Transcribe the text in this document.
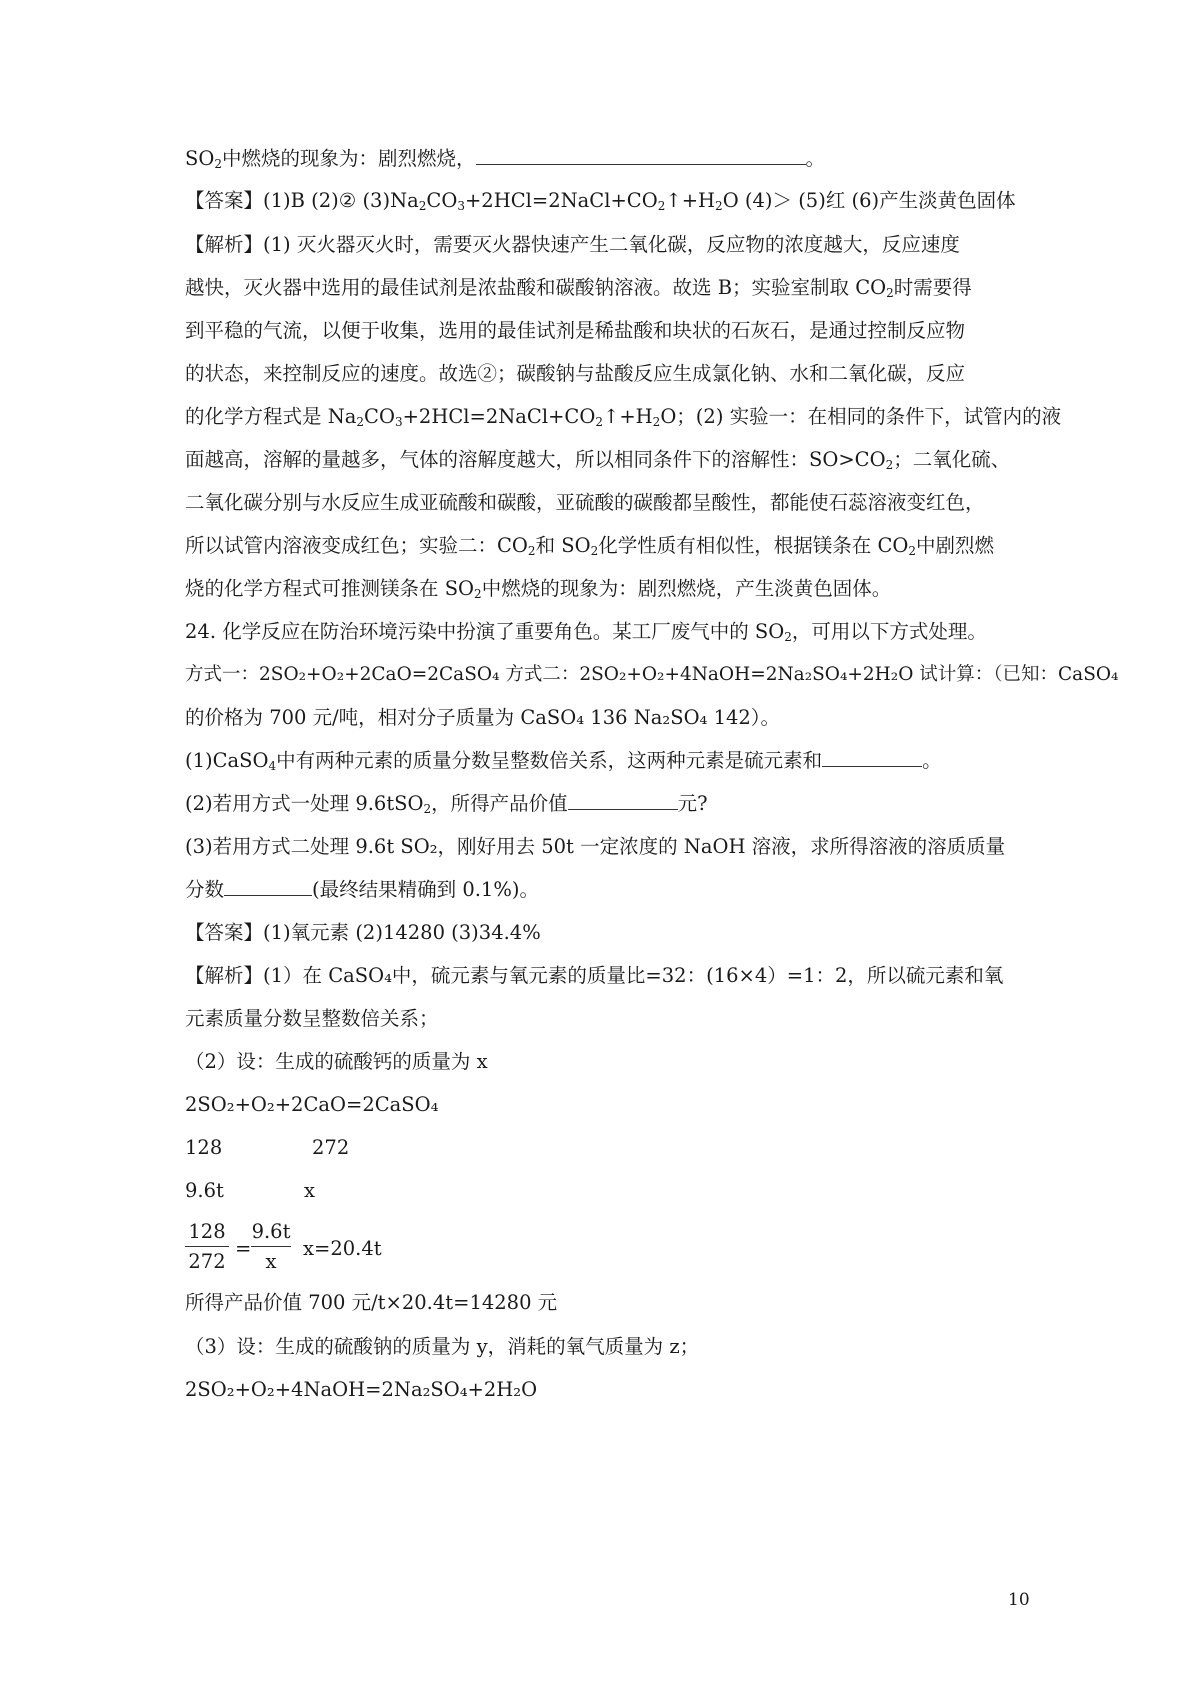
$SO_2$中燃烧的现象为：剧烈燃烧，	。
【答案】(1)B (2)② $(3)Na_2CO_3+2HCl=2NaCl+CO_2↑+H_2O$ (4)＞ (5)红 (6)产生淡黄色固体
【解析】(1) 灭火器灭火时，需要灭火器快速产生二氧化碳，反应物的浓度越大，反应速度
越快，灭火器中选用的最佳试剂是浓盐酸和碳酸钠溶液。故选 B；实验室制取 $CO_2$时需要得
到平稳的气流，以便于收集，选用的最佳试剂是稀盐酸和块状的石灰石，是通过控制反应物
的状态，来控制反应的速度。故选②；碳酸钠与盐酸反应生成氯化钠、水和二氧化碳，反应
的化学方程式是 $Na_2CO_3+2HCl=2NaCl+CO_2↑+H_2O$；(2) 实验一：在相同的条件下，试管内的液
面越高，溶解的量越多，气体的溶解度越大，所以相同条件下的溶解性：$SO>CO_2$；二氧化硫、
二氧化碳分别与水反应生成亚硫酸和碳酸，亚硫酸的碳酸都呈酸性，都能使石蕊溶液变红色，
所以试管内溶液变成红色；实验二：$CO_2$和 $SO_2$化学性质有相似性，根据镁条在 $CO_2$中剧烈燃
烧的化学方程式可推测镁条在 $SO_2$中燃烧的现象为：剧烈燃烧，产生淡黄色固体。
24. 化学反应在防治环境污染中扮演了重要角色。某工厂废气中的 $SO_2$，可用以下方式处理。
方式一：2SO₂+O₂+2CaO=2CaSO₄ 方式二：2SO₂+O₂+4NaOH=2Na₂SO₄+2H₂O 试计算：（已知：CaSO₄
的价格为 700 元/吨，相对分子质量为 CaSO₄ 136 Na₂SO₄ 142）。
(1)CaSO$_4$中有两种元素的质量分数呈整数倍关系，这两种元素是硫元素和	。
(2)若用方式一处理 9.6tSO$_2$，所得产品价值	元?
(3)若用方式二处理 9.6t SO₂，刚好用去 50t 一定浓度的 NaOH 溶液，求所得溶液的溶质质量
分数	(最终结果精确到 0.1%)。
【答案】(1)氧元素 (2)14280 (3)34.4%
【解析】(1）在 CaSO₄中，硫元素与氧元素的质量比=32：(16×4）=1：2，所以硫元素和氧
元素质量分数呈整数倍关系；
（2）设：生成的硫酸钙的质量为 x
2SO₂+O₂+2CaO=2CaSO₄
128	272
9.6t	x
128
272
=
9.6t
x
x=20.4t
所得产品价值 700 元/t×20.4t=14280 元
（3）设：生成的硫酸钠的质量为 y，消耗的氧气质量为 z；
2SO₂+O₂+4NaOH=2Na₂SO₄+2H₂O
10
